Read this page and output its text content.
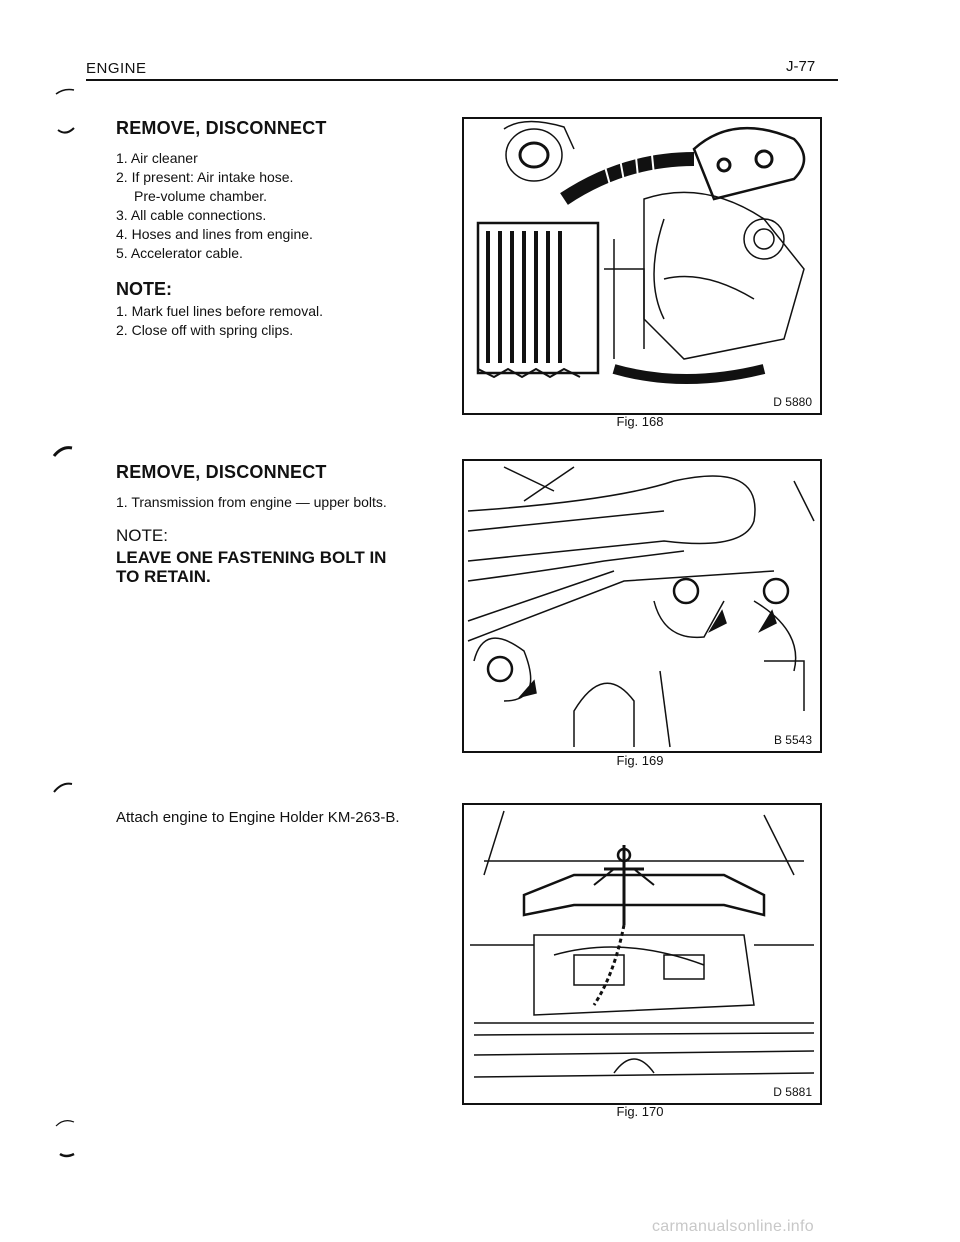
ENGINE	J-77
REMOVE, DISCONNECT
1. Air cleaner
2. If present: Air intake hose.
Pre-volume chamber.
3. All cable connections.
4. Hoses and lines from engine.
5. Accelerator cable.
NOTE:
1. Mark fuel lines before removal.
2. Close off with spring clips.
D 5880
Fig. 168
REMOVE, DISCONNECT
1. Transmission from engine — upper bolts.
NOTE:
LEAVE ONE FASTENING BOLT IN
TO RETAIN.
B 5543
Fig. 169
Attach engine to Engine Holder KM-263-B.
D 5881
Fig. 170
carmanualsonline.info
